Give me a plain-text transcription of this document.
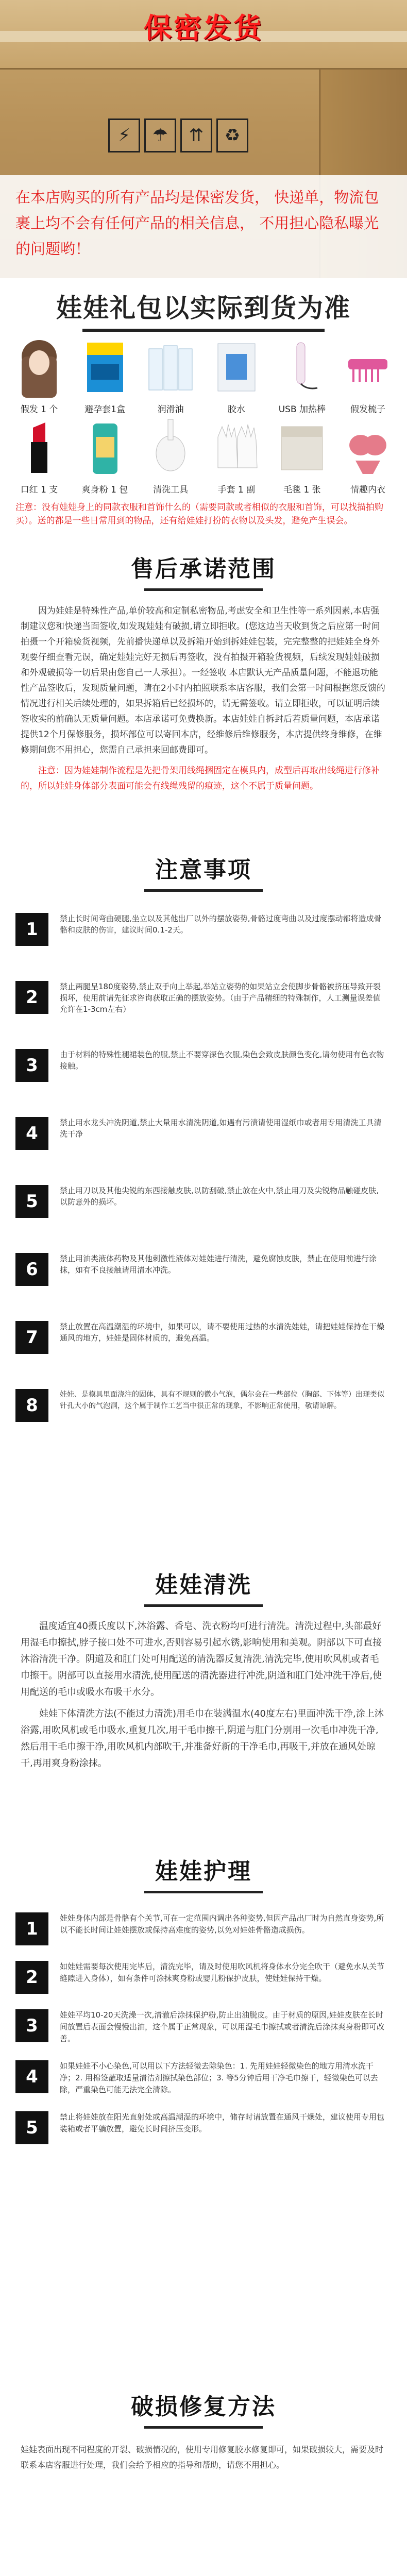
保密发货
⚡	☂	⇈	♻

在本店购买的所有产品均是保密发货， 快递单，物流包裹上均不会有任何产品的相关信息， 不用担心隐私曝光的问题哟！

娃娃礼包以实际到货为准
假发 1 个	避孕套1盒	润滑油	胶水	USB 加热棒	假发梳子
口红 1 支	爽身粉 1 包	清洗工具	手套 1 副	毛毯 1 张	情趣内衣

注意：没有娃娃身上的同款衣服和首饰什么的（需要同款或者相似的衣服和首饰，可以找描拍购买）。送的都是一些日常用到的物品，还有给娃娃打扮的衣物以及头发，避免产生误会。

售后承诺范围

因为娃娃是特殊性产品,单价较高和定制私密物品,考虑安全和卫生性等一系列因素,本店强制建议您和快递当面签收,如发现娃娃有破损,请立即拒收。(您这边当天收到货之后应第一时间拍摄一个开箱验货视频，先前播快递单以及拆箱开始到拆娃娃包装，完完整整的把娃娃全身外观要仔细查看无误，确定娃娃完好无损后再签收，没有拍摄开箱验货视频，后续发现娃娃破损和外观破损等一切后果由您自己一人承担）。一经签收 本店默认无产品质量问题，不能退功能性产品签收后，发现质量问题，请在2小时内拍照联系本店客服，我们会第一时间根据您反馈的情况进行相关后续处理的，如果拆箱后已经损坏的，请无需签收。请立即拒收，可以证明后续签收实的前确认无质量问题。本店承诺可免费换新。本店娃娃自拆封后若质量问题，本店承诺提供12个月保修服务，损坏部位可以寄回本店，经维修后维修服务，本店提供终身维修，在维修期间您不用担心，您需自己承担来回邮费即可。

注意：因为娃娃制作流程是先把骨架用线绳捆固定在模具内，成型后再取出线绳进行修补的，所以娃娃身体部分表面可能会有线绳残留的痕迹，这个不属于质量问题。

注意事项
1
禁止长时间弯曲硬腿,坐立以及其他出厂以外的摆放姿势,骨骼过度弯曲以及过度摆动都将造成骨骼和皮肤的伤害，建议时间0.1-2天。
2
禁止两腿呈180度姿势,禁止双手向上举起,举站立姿势的如果站立会使脚步骨骼被挤压导致开裂损坏，使用前请先征求咨询获取正确的摆放姿势。（由于产品精细的特殊制作，人工测量误差值允许在1-3cm左右）
3
由于材料的特殊性褪裙装色的服,禁止不要穿深色衣服,染色会致皮肤颜色变化,请勿使用有色衣物接触。
4
禁止用水龙头冲洗阴道,禁止大量用水清洗阴道,如遇有污渍请使用湿纸巾或者用专用清洗工具清洗干净
5
禁止用刀以及其他尖锐的东西接触皮肤,以防刮破,禁止放在火中,禁止用刀及尖锐物品触碰皮肤,以防意外的损坏。
6
禁止用油类液体药物及其他刺激性液体对娃娃进行清洗，避免腐蚀皮肤，禁止在使用前进行涂抹，如有不良接触请用清水冲洗。
7
禁止放置在高温潮湿的环境中，如果可以，请不要使用过热的水清洗娃娃，请把娃娃保持在干燥通风的地方，娃娃是固体材质的，避免高温。
8
娃娃、是模具里面浇注的固体，具有不规则的微小气泡，偶尔会在一些部位（胸部、下体等）出现类似针孔大小的气泡洞，这个属于制作工艺当中很正常的现象，不影响正常使用，敬请谅解。
娃娃清洗

温度适宜40摄氏度以下,沐浴露、香皂、洗衣粉均可进行清洗。清洗过程中,头部最好用湿毛巾擦拭,脖子接口处不可进水,否则容易引起水锈,影响使用和美观。阴部以下可直接沐浴清洗干净。阴道及和肛门处可用配送的清洗器反复清洗,清洗完毕,使用吹风机或者毛巾擦干。阴部可以直接用水清洗,使用配送的清洗器进行冲洗,阴道和肛门处冲洗干净后,使用配送的毛巾或吸水布吸干水分。

娃娃下体清洗方法(不能过力清洗)用毛巾在装满温水(40度左右)里面冲洗干净,涂上沐浴露,用吹风机或毛巾吸水,重复几次,用干毛巾擦干,阴道与肛门分别用一次毛巾冲洗干净,然后用干毛巾擦干净,用吹风机内部吹干,并准备好新的干净毛巾,再吸干,并放在通风处晾干,再用爽身粉涂抹。

娃娃护理
1
娃娃身体内部是骨骼有个关节,可在一定范围内调出各种姿势,但因产品出厂时为自然直身姿势,所以不能长时间让娃娃摆放或保持高难度的姿势,以免对娃娃骨骼造成损伤。
2
如娃娃需要每次使用完毕后，清洗完毕，请及时使用吹风机将身体水分完全吹干（避免水从关节缝隙进入身体），如有条件可涂抹爽身粉或婴儿粉保护皮肤，使娃娃保持干燥。
3
娃娃平均10-20天洗澡一次,清澈后涂抹保护粉,防止出油脱皮。由于材质的原因,娃娃皮肤在长时间放置后表面会慢慢出油，这个属于正常现象，可以用湿毛巾擦拭或者清洗后涂抹爽身粉即可改善。
4
如果娃娃不小心染色,可以用以下方法轻微去除染色：1. 先用娃娃轻微染色的地方用清水洗干净；2. 用棉签蘸取适量清洁剂擦拭染色部位；3. 等5分钟后用干净毛巾擦干，轻微染色可以去除，严重染色可能无法完全清除。
5
禁止将娃娃放在阳光直射处或高温潮湿的环境中，储存时请放置在通风干燥处，建议使用专用包装箱或者平躺放置，避免长时间挤压变形。
破损修复方法

娃娃表面出现不同程度的开裂、破损情况的，使用专用修复胶水修复即可，如果破损较大，需要及时联系本店客服进行处理，我们会给予相应的指导和帮助，请您不用担心。
